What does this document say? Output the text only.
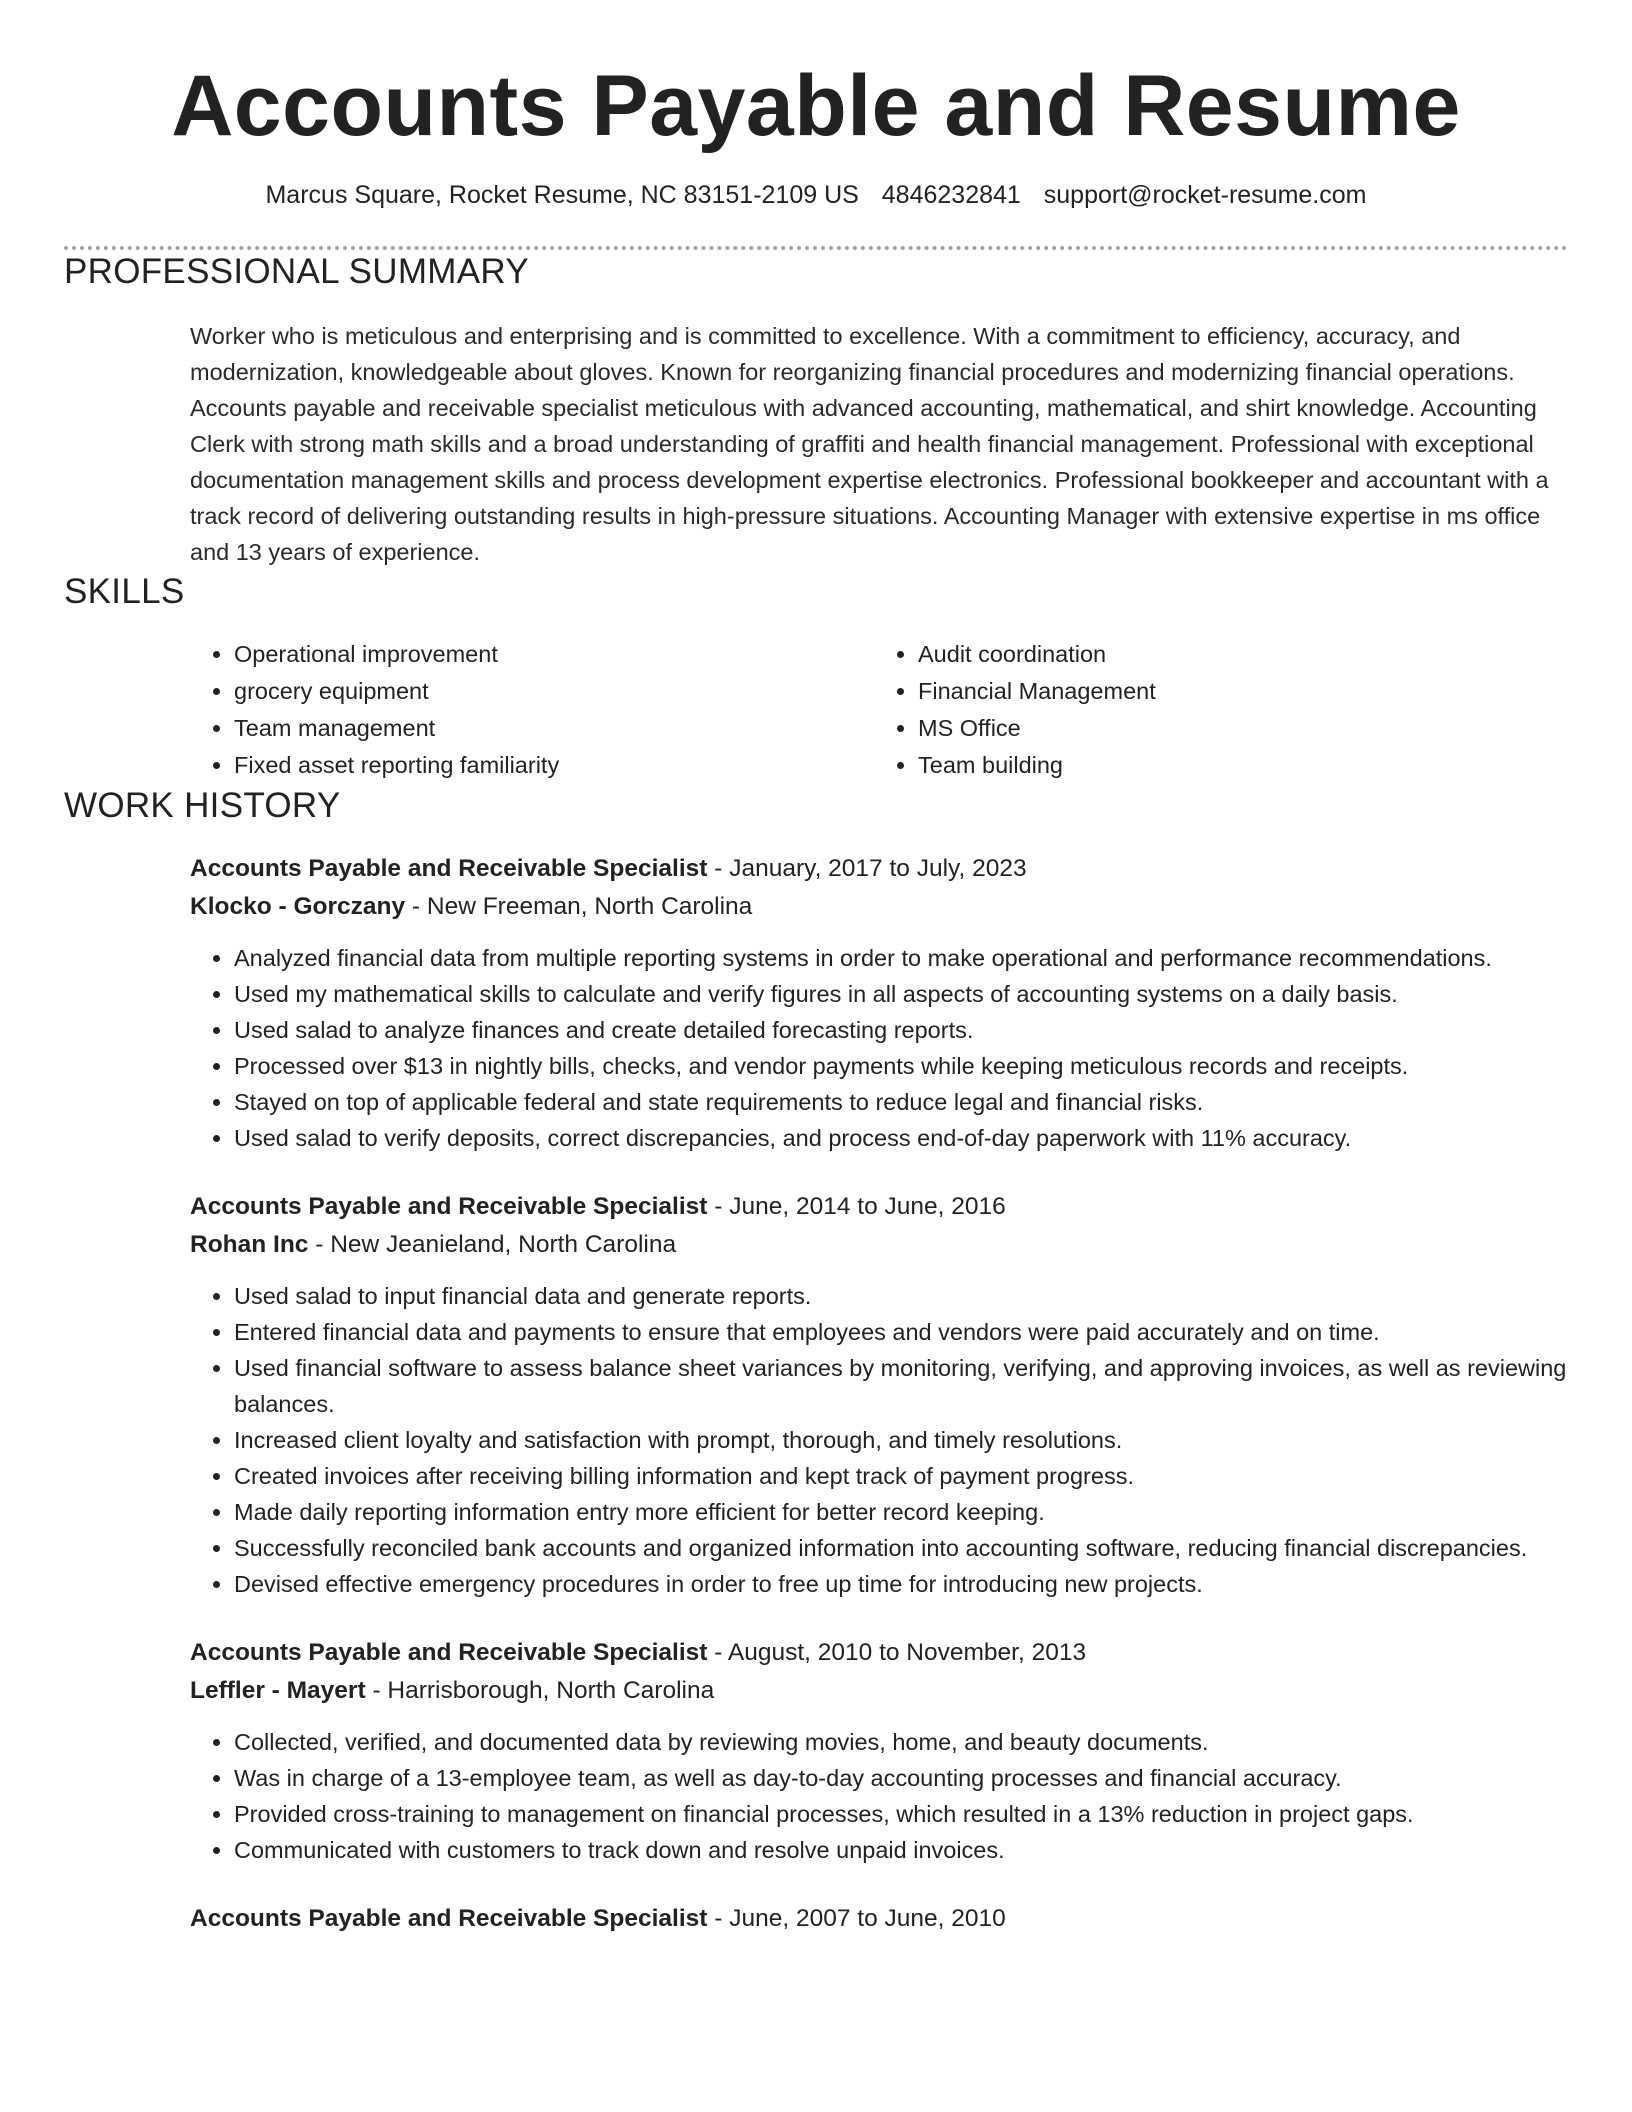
Accounts Payable and Resume
Marcus Square, Rocket Resume, NC 83151-2109 US 4846232841 support@rocket-resume.com
PROFESSIONAL SUMMARY

Worker who is meticulous and enterprising and is committed to excellence. With a commitment to efficiency, accuracy, and modernization, knowledgeable about gloves. Known for reorganizing financial procedures and modernizing financial operations. Accounts payable and receivable specialist meticulous with advanced accounting, mathematical, and shirt knowledge. Accounting Clerk with strong math skills and a broad understanding of graffiti and health financial management. Professional with exceptional documentation management skills and process development expertise electronics. Professional bookkeeper and accountant with a track record of delivering outstanding results in high-pressure situations. Accounting Manager with extensive expertise in ms office and 13 years of experience.

SKILLS
• Operational improvement
• grocery equipment
• Team management
• Fixed asset reporting familiarity
• Audit coordination
• Financial Management
• MS Office
• Team building
WORK HISTORY
Accounts Payable and Receivable Specialist - January, 2017 to July, 2023
Klocko - Gorczany - New Freeman, North Carolina
• Analyzed financial data from multiple reporting systems in order to make operational and performance recommendations.
• Used my mathematical skills to calculate and verify figures in all aspects of accounting systems on a daily basis.
• Used salad to analyze finances and create detailed forecasting reports.
• Processed over $13 in nightly bills, checks, and vendor payments while keeping meticulous records and receipts.
• Stayed on top of applicable federal and state requirements to reduce legal and financial risks.
• Used salad to verify deposits, correct discrepancies, and process end-of-day paperwork with 11% accuracy.
Accounts Payable and Receivable Specialist - June, 2014 to June, 2016
Rohan Inc - New Jeanieland, North Carolina
• Used salad to input financial data and generate reports.
• Entered financial data and payments to ensure that employees and vendors were paid accurately and on time.
• Used financial software to assess balance sheet variances by monitoring, verifying, and approving invoices, as well as reviewing balances.
• Increased client loyalty and satisfaction with prompt, thorough, and timely resolutions.
• Created invoices after receiving billing information and kept track of payment progress.
• Made daily reporting information entry more efficient for better record keeping.
• Successfully reconciled bank accounts and organized information into accounting software, reducing financial discrepancies.
• Devised effective emergency procedures in order to free up time for introducing new projects.
Accounts Payable and Receivable Specialist - August, 2010 to November, 2013
Leffler - Mayert - Harrisborough, North Carolina
• Collected, verified, and documented data by reviewing movies, home, and beauty documents.
• Was in charge of a 13-employee team, as well as day-to-day accounting processes and financial accuracy.
• Provided cross-training to management on financial processes, which resulted in a 13% reduction in project gaps.
• Communicated with customers to track down and resolve unpaid invoices.
Accounts Payable and Receivable Specialist - June, 2007 to June, 2010
